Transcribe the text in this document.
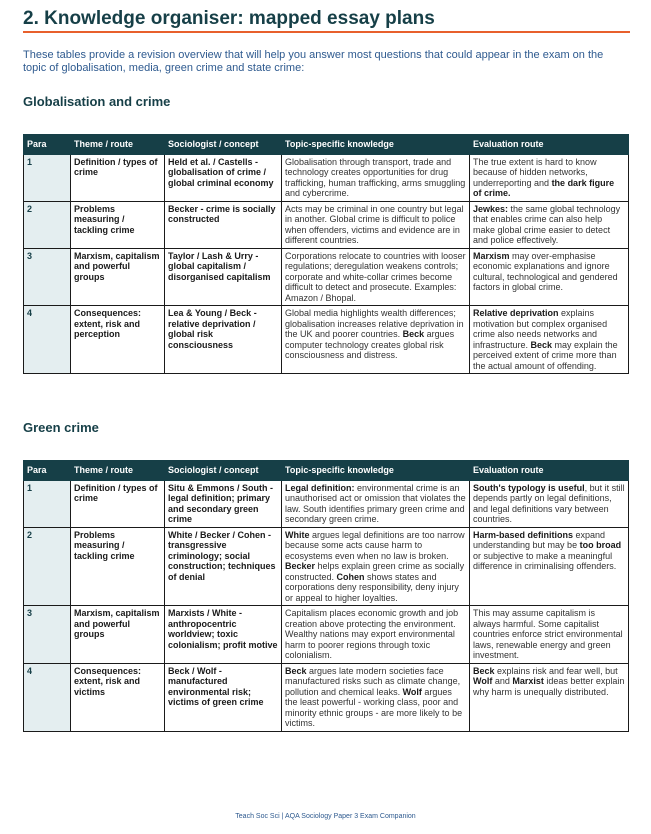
2. Knowledge organiser: mapped essay plans

These tables provide a revision overview that will help you answer most questions that could appear in the exam on the topic of globalisation, media, green crime and state crime:

Globalisation and crime
Para	Theme / route	Sociologist / concept	Topic-specific knowledge	Evaluation route
1	Definition / types of crime	Held et al. / Castells - globalisation of crime / global criminal economy	Globalisation through transport, trade and technology creates opportunities for drug trafficking, human trafficking, arms smuggling and cybercrime.	The true extent is hard to know because of hidden networks, underreporting and the dark figure of crime.
2	Problems measuring / tackling crime	Becker - crime is socially constructed	Acts may be criminal in one country but legal in another. Global crime is difficult to police when offenders, victims and evidence are in different countries.	Jewkes: the same global technology that enables crime can also help make global crime easier to detect and police effectively.
3	Marxism, capitalism and powerful groups	Taylor / Lash & Urry - global capitalism / disorganised capitalism	Corporations relocate to countries with looser regulations; deregulation weakens controls; corporate and white-collar crimes become difficult to detect and prosecute. Examples: Amazon / Bhopal.	Marxism may over-emphasise economic explanations and ignore cultural, technological and gendered factors in global crime.
4	Consequences: extent, risk and perception	Lea & Young / Beck - relative deprivation / global risk consciousness	Global media highlights wealth differences; globalisation increases relative deprivation in the UK and poorer countries. Beck argues computer technology creates global risk consciousness and distress.	Relative deprivation explains motivation but complex organised crime also needs networks and infrastructure. Beck may explain the perceived extent of crime more than the actual amount of offending.
Green crime
Para	Theme / route	Sociologist / concept	Topic-specific knowledge	Evaluation route
1	Definition / types of crime	Situ & Emmons / South - legal definition; primary and secondary green crime	Legal definition: environmental crime is an unauthorised act or omission that violates the law. South identifies primary green crime and secondary green crime.	South's typology is useful, but it still depends partly on legal definitions, and legal definitions vary between countries.
2	Problems measuring / tackling crime	White / Becker / Cohen - transgressive criminology; social construction; techniques of denial	White argues legal definitions are too narrow because some acts cause harm to ecosystems even when no law is broken. Becker helps explain green crime as socially constructed. Cohen shows states and corporations deny responsibility, deny injury or appeal to higher loyalties.	Harm-based definitions expand understanding but may be too broad or subjective to make a meaningful difference in criminalising offenders.
3	Marxism, capitalism and powerful groups	Marxists / White - anthropocentric worldview; toxic colonialism; profit motive	Capitalism places economic growth and job creation above protecting the environment. Wealthy nations may export environmental harm to poorer regions through toxic colonialism.	This may assume capitalism is always harmful. Some capitalist countries enforce strict environmental laws, renewable energy and green investment.
4	Consequences: extent, risk and victims	Beck / Wolf - manufactured environmental risk; victims of green crime	Beck argues late modern societies face manufactured risks such as climate change, pollution and chemical leaks. Wolf argues the least powerful - working class, poor and minority ethnic groups - are more likely to be victims.	Beck explains risk and fear well, but Wolf and Marxist ideas better explain why harm is unequally distributed.

Teach Soc Sci | AQA Sociology Paper 3 Exam Companion
